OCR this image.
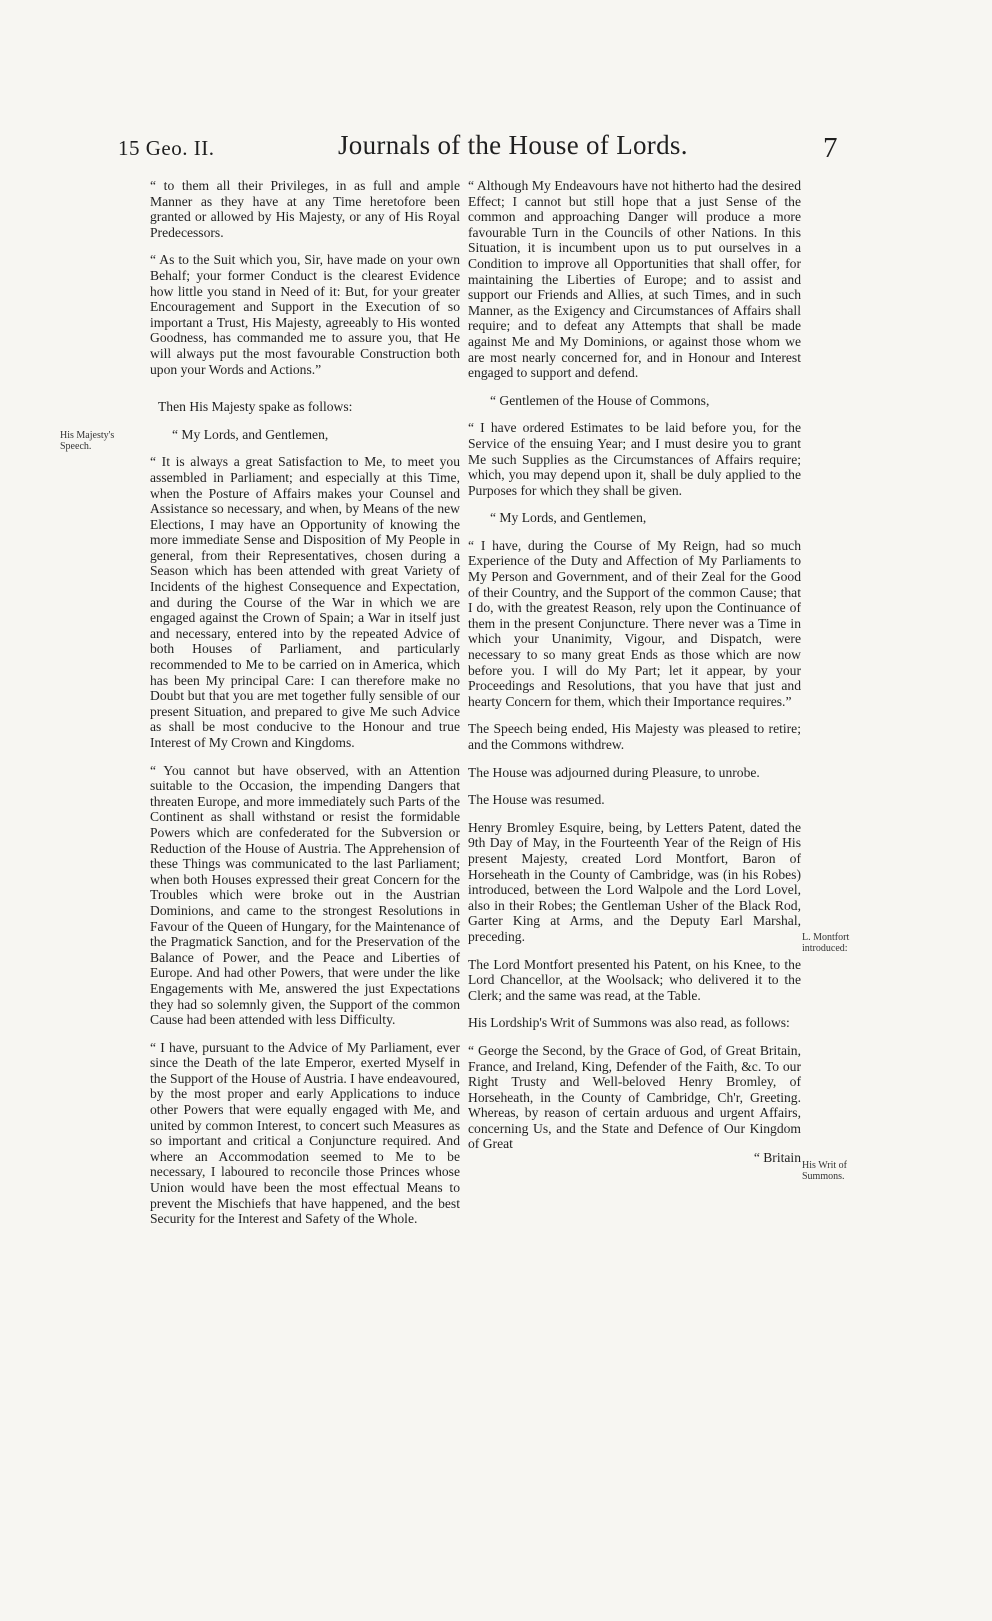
15 Geo. II.	Journals of the House of Lords.	7
His Majesty's Speech.
L. Montfort introduced:
His Writ of Summons.

“ to them all their Privileges, in as full and ample Manner as they have at any Time heretofore been granted or allowed by His Majesty, or any of His Royal Predecessors.

“ As to the Suit which you, Sir, have made on your own Behalf; your former Conduct is the clearest Evidence how little you stand in Need of it: But, for your greater Encouragement and Support in the Execution of so important a Trust, His Majesty, agreeably to His wonted Goodness, has commanded me to assure you, that He will always put the most favourable Construction both upon your Words and Actions.”

Then His Majesty spake as follows:

“ My Lords, and Gentlemen,

“ It is always a great Satisfaction to Me, to meet you assembled in Parliament; and especially at this Time, when the Posture of Affairs makes your Counsel and Assistance so necessary, and when, by Means of the new Elections, I may have an Opportunity of knowing the more immediate Sense and Disposition of My People in general, from their Representatives, chosen during a Season which has been attended with great Variety of Incidents of the highest Consequence and Expectation, and during the Course of the War in which we are engaged against the Crown of Spain; a War in itself just and necessary, entered into by the repeated Advice of both Houses of Parliament, and particularly recommended to Me to be carried on in America, which has been My principal Care: I can therefore make no Doubt but that you are met together fully sensible of our present Situation, and prepared to give Me such Advice as shall be most conducive to the Honour and true Interest of My Crown and Kingdoms.

“ You cannot but have observed, with an Attention suitable to the Occasion, the impending Dangers that threaten Europe, and more immediately such Parts of the Continent as shall withstand or resist the formidable Powers which are confederated for the Subversion or Reduction of the House of Austria. The Apprehension of these Things was communicated to the last Parliament; when both Houses expressed their great Concern for the Troubles which were broke out in the Austrian Dominions, and came to the strongest Resolutions in Favour of the Queen of Hungary, for the Maintenance of the Pragmatick Sanction, and for the Preservation of the Balance of Power, and the Peace and Liberties of Europe. And had other Powers, that were under the like Engagements with Me, answered the just Expectations they had so solemnly given, the Support of the common Cause had been attended with less Difficulty.

“ I have, pursuant to the Advice of My Parliament, ever since the Death of the late Emperor, exerted Myself in the Support of the House of Austria. I have endeavoured, by the most proper and early Applications to induce other Powers that were equally engaged with Me, and united by common Interest, to concert such Measures as so important and critical a Conjuncture required. And where an Accommodation seemed to Me to be necessary, I laboured to reconcile those Princes whose Union would have been the most effectual Means to prevent the Mischiefs that have happened, and the best Security for the Interest and Safety of the Whole.

“ Although My Endeavours have not hitherto had the desired Effect; I cannot but still hope that a just Sense of the common and approaching Danger will produce a more favourable Turn in the Councils of other Nations. In this Situation, it is incumbent upon us to put ourselves in a Condition to improve all Opportunities that shall offer, for maintaining the Liberties of Europe; and to assist and support our Friends and Allies, at such Times, and in such Manner, as the Exigency and Circumstances of Affairs shall require; and to defeat any Attempts that shall be made against Me and My Dominions, or against those whom we are most nearly concerned for, and in Honour and Interest engaged to support and defend.

“ Gentlemen of the House of Commons,

“ I have ordered Estimates to be laid before you, for the Service of the ensuing Year; and I must desire you to grant Me such Supplies as the Circumstances of Affairs require; which, you may depend upon it, shall be duly applied to the Purposes for which they shall be given.

“ My Lords, and Gentlemen,

“ I have, during the Course of My Reign, had so much Experience of the Duty and Affection of My Parliaments to My Person and Government, and of their Zeal for the Good of their Country, and the Support of the common Cause; that I do, with the greatest Reason, rely upon the Continuance of them in the present Conjuncture. There never was a Time in which your Unanimity, Vigour, and Dispatch, were necessary to so many great Ends as those which are now before you. I will do My Part; let it appear, by your Proceedings and Resolutions, that you have that just and hearty Concern for them, which their Importance requires.”

The Speech being ended, His Majesty was pleased to retire; and the Commons withdrew.

The House was adjourned during Pleasure, to unrobe.

The House was resumed.

Henry Bromley Esquire, being, by Letters Patent, dated the 9th Day of May, in the Fourteenth Year of the Reign of His present Majesty, created Lord Montfort, Baron of Horseheath in the County of Cambridge, was (in his Robes) introduced, between the Lord Walpole and the Lord Lovel, also in their Robes; the Gentleman Usher of the Black Rod, Garter King at Arms, and the Deputy Earl Marshal, preceding.

The Lord Montfort presented his Patent, on his Knee, to the Lord Chancellor, at the Woolsack; who delivered it to the Clerk; and the same was read, at the Table.

His Lordship's Writ of Summons was also read, as follows:

“ George the Second, by the Grace of God, of Great Britain, France, and Ireland, King, Defender of the Faith, &c. To our Right Trusty and Well-beloved Henry Bromley, of Horseheath, in the County of Cambridge, Ch'r, Greeting. Whereas, by reason of certain arduous and urgent Affairs, concerning Us, and the State and Defence of Our Kingdom of Great

“ Britain
